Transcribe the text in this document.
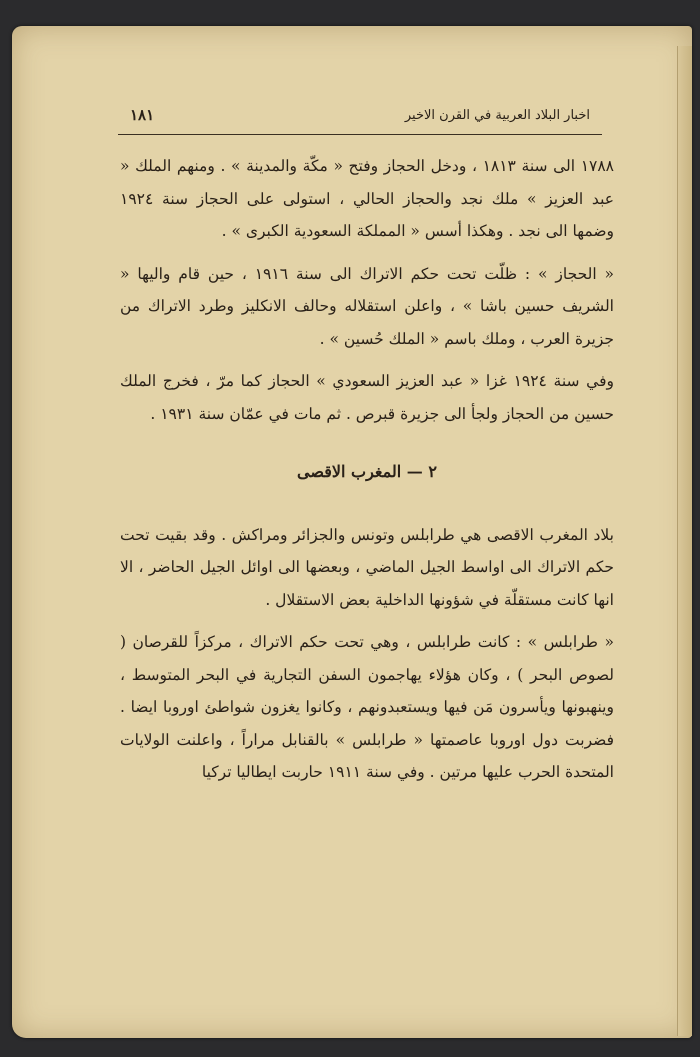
اخبار البلاد العربية في القرن الاخير
١٨١

١٧٨٨ الى سنة ١٨١٣ ، ودخل الحجاز وفتح « مكّة والمدينة » . ومنهم الملك « عبد العزيز » ملك نجد والحجاز الحالي ، استولى على الحجاز سنة ١٩٢٤ وضمها الى نجد . وهكذا أسس « المملكة السعودية الكبرى » .

« الحجاز » : ظلّت تحت حكم الاتراك الى سنة ١٩١٦ ، حين قام واليها « الشريف حسين باشا » ، واعلن استقلاله وحالف الانكليز وطرد الاتراك من جزيرة العرب ، وملك باسم « الملك حُسين » .

وفي سنة ١٩٢٤ غزا « عبد العزيز السعودي » الحجاز كما مرّ ، فخرج الملك حسين من الحجاز ولجأ الى جزيرة قبرص . ثم مات في عمّان سنة ١٩٣١ .

٢ — المغرب الاقصى

بلاد المغرب الاقصى هي طرابلس وتونس والجزائر ومراكش . وقد بقيت تحت حكم الاتراك الى اواسط الجيل الماضي ، وبعضها الى اوائل الجيل الحاضر ، الا انها كانت مستقلّة في شؤونها الداخلية بعض الاستقلال .

« طرابلس » : كانت طرابلس ، وهي تحت حكم الاتراك ، مركزاً للقرصان ( لصوص البحر ) ، وكان هؤلاء يهاجمون السفن التجارية في البحر المتوسط ، وينهبونها ويأسرون مَن فيها ويستعبدونهم ، وكانوا يغزون شواطئ اوروبا ايضا . فضربت دول اوروبا عاصمتها « طرابلس » بالقنابل مراراً ، واعلنت الولايات المتحدة الحرب عليها مرتين . وفي سنة ١٩١١ حاربت ايطاليا تركيا
